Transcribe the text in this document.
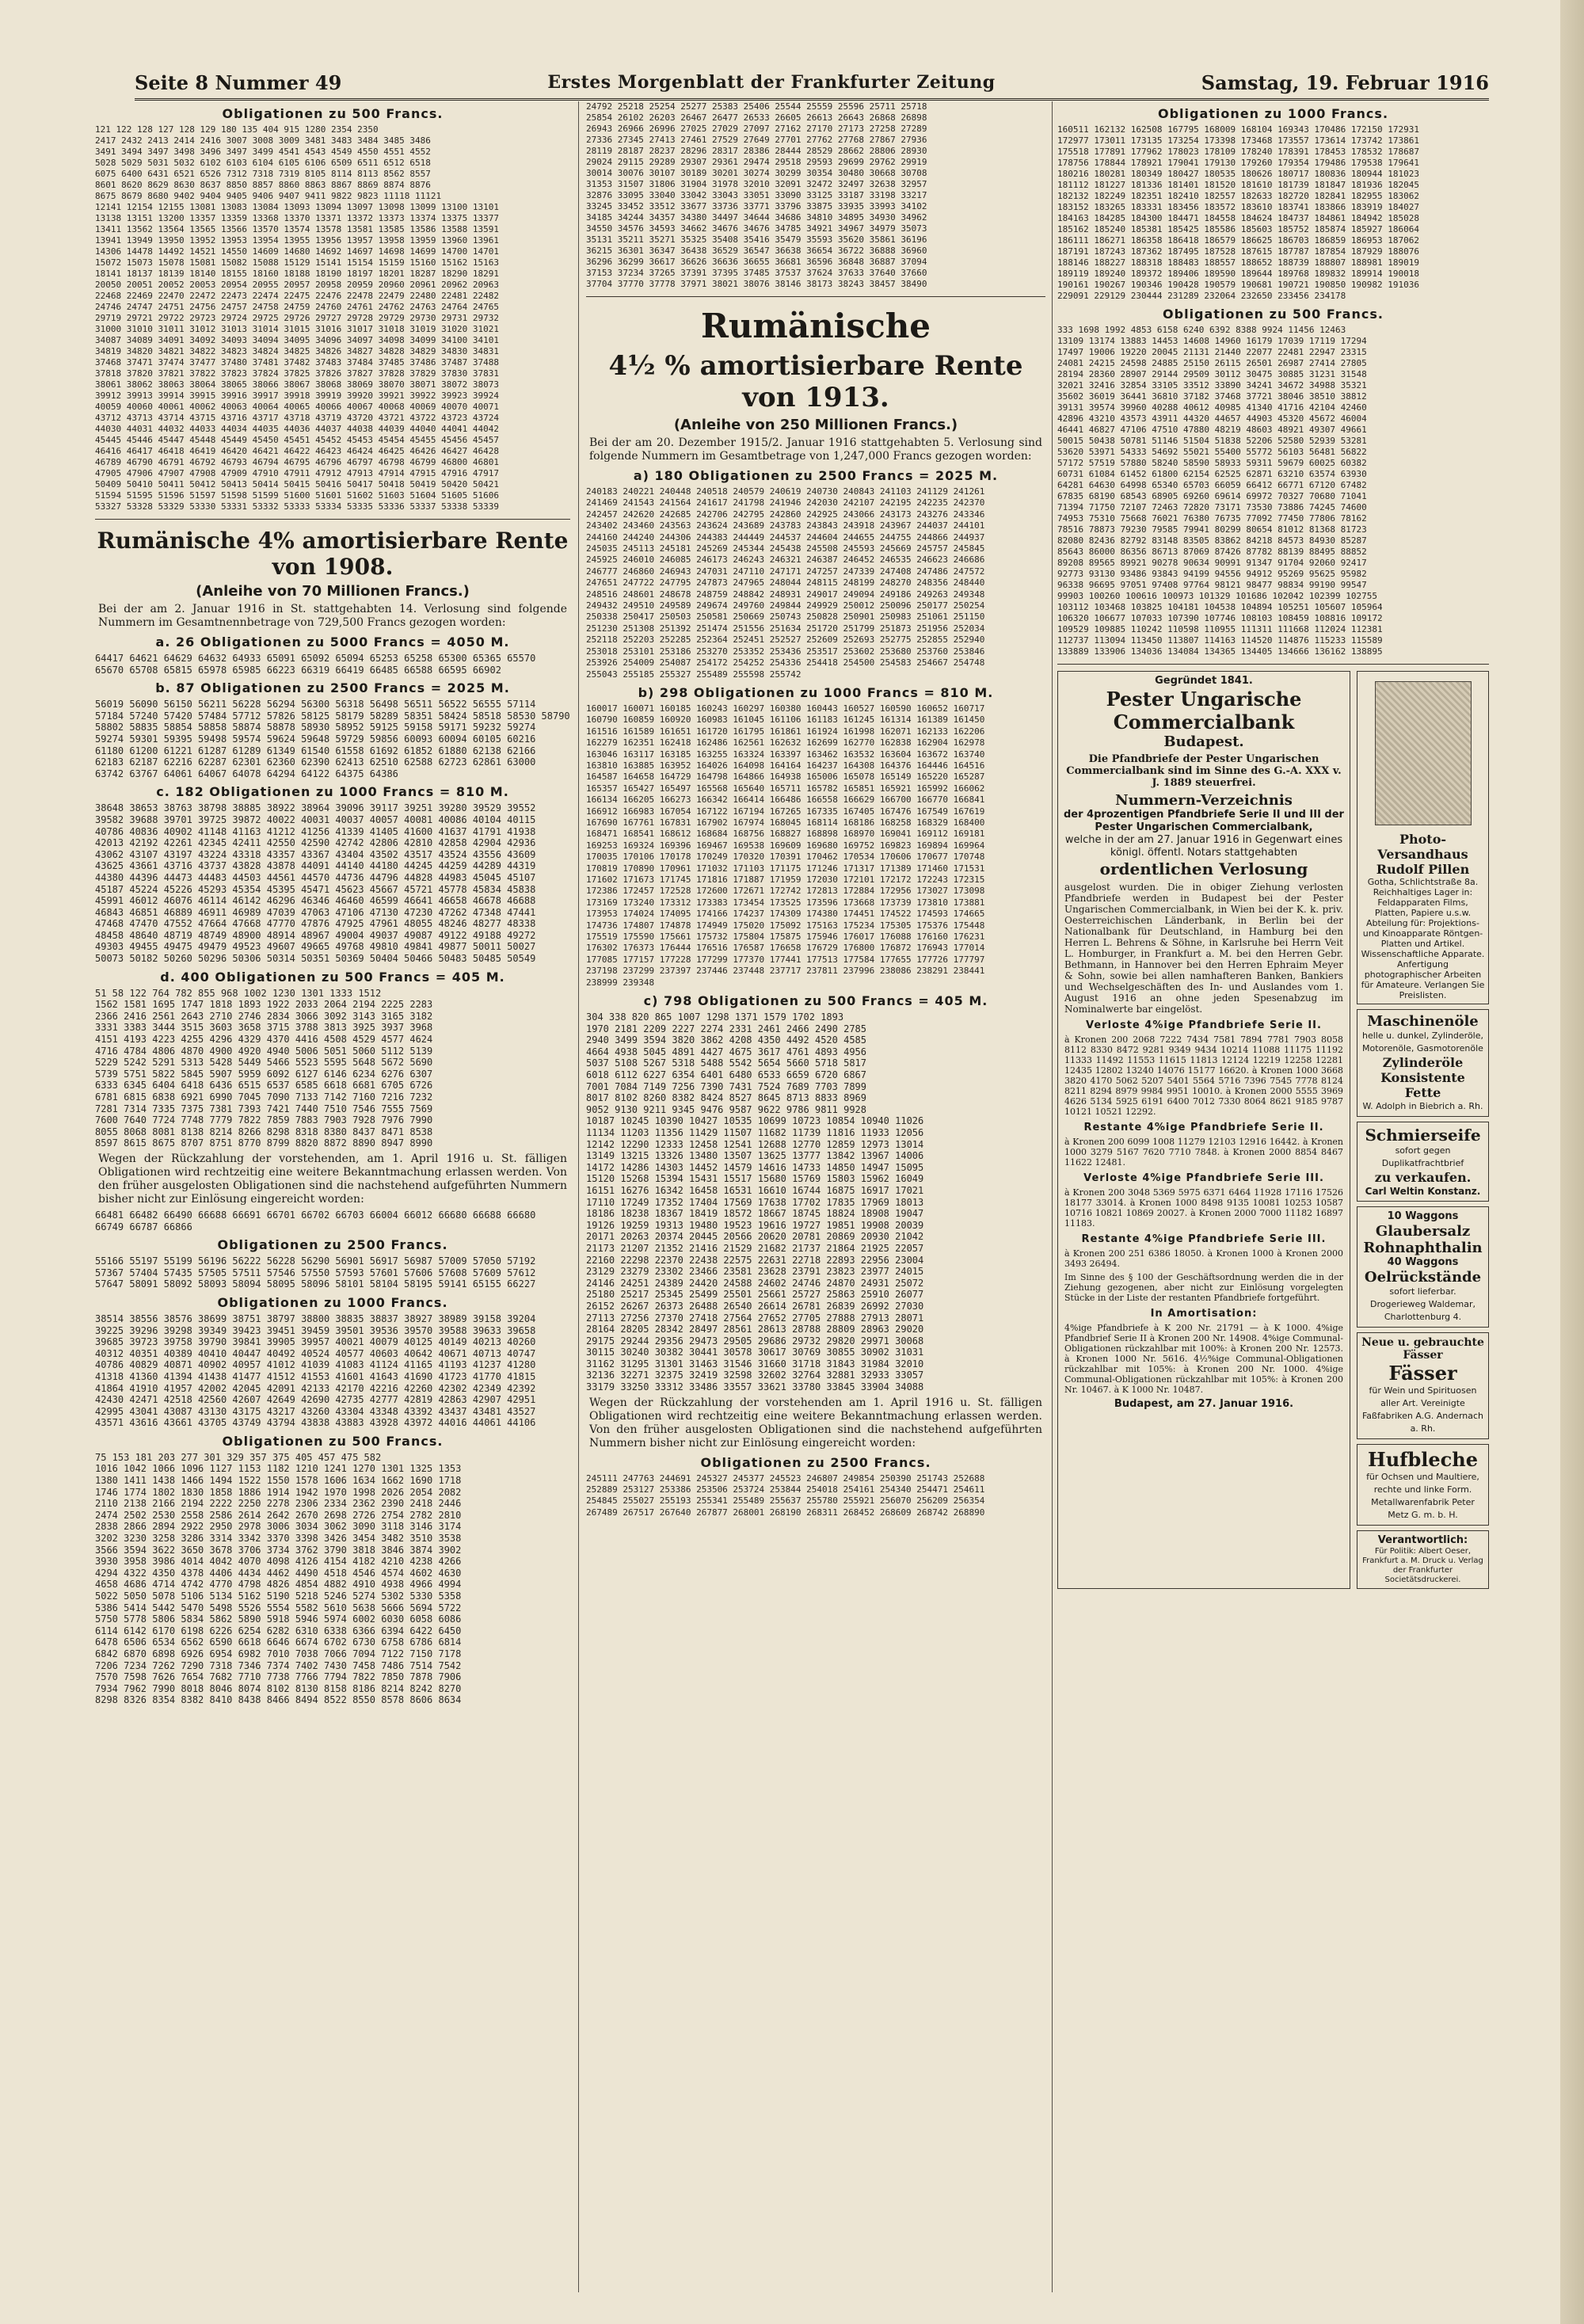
Seite 8 Nummer 49	Erstes Morgenblatt der Frankfurter Zeitung	Samstag, 19. Februar 1916
Obligationen zu 500 Francs.
121 122 128 127 128 129 180 135 404 915 1280 2354 2350
2417 2432 2413 2414 2416 3007 3008 3009 3481 3483 3484 3485 3486
3491 3494 3497 3498 3496 3497 3499 4541 4543 4549 4550 4551 4552
5028 5029 5031 5032 6102 6103 6104 6105 6106 6509 6511 6512 6518
6075 6400 6431 6521 6526 7312 7318 7319 8105 8114 8113 8562 8557
8601 8620 8629 8630 8637 8850 8857 8860 8863 8867 8869 8874 8876
8675 8679 8680 9402 9404 9405 9406 9407 9411 9822 9823 11118 11121
12141 12154 12155 13081 13083 13084 13093 13094 13097 13098 13099 13100 13101
13138 13151 13200 13357 13359 13368 13370 13371 13372 13373 13374 13375 13377
13411 13562 13564 13565 13566 13570 13574 13578 13581 13585 13586 13588 13591
13941 13949 13950 13952 13953 13954 13955 13956 13957 13958 13959 13960 13961
14306 14478 14492 14521 14550 14609 14680 14692 14697 14698 14699 14700 14701
15072 15073 15078 15081 15082 15088 15129 15141 15154 15159 15160 15162 15163
18141 18137 18139 18140 18155 18160 18188 18190 18197 18201 18287 18290 18291
20050 20051 20052 20053 20954 20955 20957 20958 20959 20960 20961 20962 20963
22468 22469 22470 22472 22473 22474 22475 22476 22478 22479 22480 22481 22482
24746 24747 24751 24756 24757 24758 24759 24760 24761 24762 24763 24764 24765
29719 29721 29722 29723 29724 29725 29726 29727 29728 29729 29730 29731 29732
31000 31010 31011 31012 31013 31014 31015 31016 31017 31018 31019 31020 31021
34087 34089 34091 34092 34093 34094 34095 34096 34097 34098 34099 34100 34101
34819 34820 34821 34822 34823 34824 34825 34826 34827 34828 34829 34830 34831
37468 37471 37474 37477 37480 37481 37482 37483 37484 37485 37486 37487 37488
37818 37820 37821 37822 37823 37824 37825 37826 37827 37828 37829 37830 37831
38061 38062 38063 38064 38065 38066 38067 38068 38069 38070 38071 38072 38073
39912 39913 39914 39915 39916 39917 39918 39919 39920 39921 39922 39923 39924
40059 40060 40061 40062 40063 40064 40065 40066 40067 40068 40069 40070 40071
43712 43713 43714 43715 43716 43717 43718 43719 43720 43721 43722 43723 43724
44030 44031 44032 44033 44034 44035 44036 44037 44038 44039 44040 44041 44042
45445 45446 45447 45448 45449 45450 45451 45452 45453 45454 45455 45456 45457
46416 46417 46418 46419 46420 46421 46422 46423 46424 46425 46426 46427 46428
46789 46790 46791 46792 46793 46794 46795 46796 46797 46798 46799 46800 46801
47905 47906 47907 47908 47909 47910 47911 47912 47913 47914 47915 47916 47917
50409 50410 50411 50412 50413 50414 50415 50416 50417 50418 50419 50420 50421
51594 51595 51596 51597 51598 51599 51600 51601 51602 51603 51604 51605 51606
53327 53328 53329 53330 53331 53332 53333 53334 53335 53336 53337 53338 53339
Rumänische 4% amortisierbare Rente von 1908.
(Anleihe von 70 Millionen Francs.)
Bei der am 2. Januar 1916 in St. stattgehabten 14. Verlosung sind folgende Nummern im Gesamtnennbetrage von 729,500 Francs gezogen worden:
a. 26 Obligationen zu 5000 Francs = 4050 M.
64417 64621 64629 64632 64933 65091 65092 65094 65253 65258 65300 65365 65570
65670 65708 65815 65978 65985 66223 66319 66419 66485 66588 66595 66902
b. 87 Obligationen zu 2500 Francs = 2025 M.
56019 56090 56150 56211 56228 56294 56300 56318 56498 56511 56522 56555 57114
57184 57240 57420 57484 57712 57826 58125 58179 58289 58351 58424 58518 58530 58790
58802 58835 58854 58858 58874 58878 58930 58952 59125 59158 59171 59232 59274
59274 59301 59395 59498 59574 59624 59648 59729 59856 60093 60094 60105 60216
61180 61200 61221 61287 61289 61349 61540 61558 61692 61852 61880 62138 62166
62183 62187 62216 62287 62301 62360 62390 62413 62510 62588 62723 62861 63000
63742 63767 64061 64067 64078 64294 64122 64375 64386
c. 182 Obligationen zu 1000 Francs = 810 M.
38648 38653 38763 38798 38885 38922 38964 39096 39117 39251 39280 39529 39552
39582 39688 39701 39725 39872 40022 40031 40037 40057 40081 40086 40104 40115
40786 40836 40902 41148 41163 41212 41256 41339 41405 41600 41637 41791 41938
42013 42192 42261 42345 42411 42550 42590 42742 42806 42810 42858 42904 42936
43062 43107 43197 43224 43318 43357 43367 43404 43502 43517 43524 43556 43609
43625 43661 43716 43737 43828 43878 44091 44140 44180 44245 44259 44289 44319
44380 44396 44473 44483 44503 44561 44570 44736 44796 44828 44983 45045 45107
45187 45224 45226 45293 45354 45395 45471 45623 45667 45721 45778 45834 45838
45991 46012 46076 46114 46142 46296 46346 46460 46599 46641 46658 46678 46688
46843 46851 46889 46911 46989 47039 47063 47106 47130 47230 47262 47348 47441
47468 47470 47552 47664 47668 47770 47876 47925 47961 48055 48246 48277 48338
48458 48640 48719 48749 48900 48914 48967 49004 49037 49087 49122 49188 49272
49303 49455 49475 49479 49523 49607 49665 49768 49810 49841 49877 50011 50027
50073 50182 50260 50296 50306 50314 50351 50369 50404 50466 50483 50485 50549
d. 400 Obligationen zu 500 Francs = 405 M.
51 58 122 764 782 855 968 1002 1230 1301 1333 1512
1562 1581 1695 1747 1818 1893 1922 2033 2064 2194 2225 2283
2366 2416 2561 2643 2710 2746 2834 3066 3092 3143 3165 3182
3331 3383 3444 3515 3603 3658 3715 3788 3813 3925 3937 3968
4151 4193 4223 4255 4296 4329 4370 4416 4508 4529 4577 4624
4716 4784 4806 4870 4900 4920 4940 5006 5051 5060 5112 5139
5229 5242 5291 5313 5428 5449 5466 5523 5595 5648 5672 5690
5739 5751 5822 5845 5907 5959 6092 6127 6146 6234 6276 6307
6333 6345 6404 6418 6436 6515 6537 6585 6618 6681 6705 6726
6781 6815 6838 6921 6990 7045 7090 7133 7142 7160 7216 7232
7281 7314 7335 7375 7381 7393 7421 7440 7510 7546 7555 7569
7600 7640 7724 7748 7779 7822 7859 7883 7903 7928 7976 7990
8055 8068 8081 8138 8214 8266 8298 8318 8380 8437 8471 8538
8597 8615 8675 8707 8751 8770 8799 8820 8872 8890 8947 8990
Wegen der Rückzahlung der vorstehenden, am 1. April 1916 u. St. fälligen Obligationen wird rechtzeitig eine weitere Bekanntmachung erlassen werden. Von den früher ausgelosten Obligationen sind die nachstehend aufgeführten Nummern bisher nicht zur Einlösung eingereicht worden:
66481 66482 66490 66688 66691 66701 66702 66703 66004 66012 66680 66688 66680
66749 66787 66866
Obligationen zu 2500 Francs.
55166 55197 55199 56196 56222 56228 56290 56901 56917 56987 57009 57050 57192
57367 57404 57435 57505 57511 57546 57550 57593 57601 57606 57608 57609 57612
57647 58091 58092 58093 58094 58095 58096 58101 58104 58195 59141 65155 66227
Obligationen zu 1000 Francs.
38514 38556 38576 38699 38751 38797 38800 38835 38837 38927 38989 39158 39204
39225 39296 39298 39349 39423 39451 39459 39501 39536 39570 39588 39633 39658
39685 39723 39758 39790 39841 39905 39957 40021 40079 40125 40149 40213 40260
40312 40351 40389 40410 40447 40492 40524 40577 40603 40642 40671 40713 40747
40786 40829 40871 40902 40957 41012 41039 41083 41124 41165 41193 41237 41280
41318 41360 41394 41438 41477 41512 41553 41601 41643 41690 41723 41770 41815
41864 41910 41957 42002 42045 42091 42133 42170 42216 42260 42302 42349 42392
42430 42471 42518 42560 42607 42649 42690 42735 42777 42819 42863 42907 42951
42995 43041 43087 43130 43175 43217 43260 43304 43348 43392 43437 43481 43527
43571 43616 43661 43705 43749 43794 43838 43883 43928 43972 44016 44061 44106
Obligationen zu 500 Francs.
75 153 181 203 277 301 329 357 375 405 457 475 582
1016 1042 1066 1096 1127 1153 1182 1210 1241 1270 1301 1325 1353
1380 1411 1438 1466 1494 1522 1550 1578 1606 1634 1662 1690 1718
1746 1774 1802 1830 1858 1886 1914 1942 1970 1998 2026 2054 2082
2110 2138 2166 2194 2222 2250 2278 2306 2334 2362 2390 2418 2446
2474 2502 2530 2558 2586 2614 2642 2670 2698 2726 2754 2782 2810
2838 2866 2894 2922 2950 2978 3006 3034 3062 3090 3118 3146 3174
3202 3230 3258 3286 3314 3342 3370 3398 3426 3454 3482 3510 3538
3566 3594 3622 3650 3678 3706 3734 3762 3790 3818 3846 3874 3902
3930 3958 3986 4014 4042 4070 4098 4126 4154 4182 4210 4238 4266
4294 4322 4350 4378 4406 4434 4462 4490 4518 4546 4574 4602 4630
4658 4686 4714 4742 4770 4798 4826 4854 4882 4910 4938 4966 4994
5022 5050 5078 5106 5134 5162 5190 5218 5246 5274 5302 5330 5358
5386 5414 5442 5470 5498 5526 5554 5582 5610 5638 5666 5694 5722
5750 5778 5806 5834 5862 5890 5918 5946 5974 6002 6030 6058 6086
6114 6142 6170 6198 6226 6254 6282 6310 6338 6366 6394 6422 6450
6478 6506 6534 6562 6590 6618 6646 6674 6702 6730 6758 6786 6814
6842 6870 6898 6926 6954 6982 7010 7038 7066 7094 7122 7150 7178
7206 7234 7262 7290 7318 7346 7374 7402 7430 7458 7486 7514 7542
7570 7598 7626 7654 7682 7710 7738 7766 7794 7822 7850 7878 7906
7934 7962 7990 8018 8046 8074 8102 8130 8158 8186 8214 8242 8270
8298 8326 8354 8382 8410 8438 8466 8494 8522 8550 8578 8606 8634
24792 25218 25254 25277 25383 25406 25544 25559 25596 25711 25718
25854 26102 26203 26467 26477 26533 26605 26613 26643 26868 26898
26943 26966 26996 27025 27029 27097 27162 27170 27173 27258 27289
27336 27345 27413 27461 27529 27649 27701 27762 27768 27867 27936
28119 28187 28237 28296 28317 28386 28444 28529 28662 28806 28930
29024 29115 29289 29307 29361 29474 29518 29593 29699 29762 29919
30014 30076 30107 30189 30201 30274 30299 30354 30480 30668 30708
31353 31507 31806 31904 31978 32010 32091 32472 32497 32638 32957
32876 33095 33040 33042 33043 33051 33090 33125 33187 33198 33217
33245 33452 33512 33677 33736 33771 33796 33875 33935 33993 34102
34185 34244 34357 34380 34497 34644 34686 34810 34895 34930 34962
34550 34576 34593 34662 34676 34676 34785 34921 34967 34979 35073
35131 35211 35271 35325 35408 35416 35479 35593 35620 35861 36196
36215 36301 36347 36438 36529 36547 36638 36654 36722 36888 36960
36296 36299 36617 36626 36636 36655 36681 36596 36848 36887 37094
37153 37234 37265 37391 37395 37485 37537 37624 37633 37640 37660
37704 37770 37778 37971 38021 38076 38146 38173 38243 38457 38490
Rumänische
4½ % amortisierbare Rente von 1913.
(Anleihe von 250 Millionen Francs.)
Bei der am 20. Dezember 1915/2. Januar 1916 stattgehabten 5. Verlosung sind folgende Nummern im Gesamtbetrage von 1,247,000 Francs gezogen worden:
a) 180 Obligationen zu 2500 Francs = 2025 M.
240183 240221 240448 240518 240579 240619 240730 240843 241103 241129 241261
241469 241543 241564 241617 241798 241946 242030 242107 242195 242235 242370
242457 242620 242685 242706 242795 242860 242925 243066 243173 243276 243346
243402 243460 243563 243624 243689 243783 243843 243918 243967 244037 244101
244160 244240 244306 244383 244449 244537 244604 244655 244755 244866 244937
245035 245113 245181 245269 245344 245438 245508 245593 245669 245757 245845
245925 246010 246085 246173 246243 246321 246387 246452 246535 246623 246686
246777 246860 246943 247031 247110 247171 247257 247339 247408 247486 247572
247651 247722 247795 247873 247965 248044 248115 248199 248270 248356 248440
248516 248601 248678 248759 248842 248931 249017 249094 249186 249263 249348
249432 249510 249589 249674 249760 249844 249929 250012 250096 250177 250254
250338 250417 250503 250581 250669 250743 250828 250901 250983 251061 251150
251230 251308 251392 251474 251556 251634 251720 251799 251873 251956 252034
252118 252203 252285 252364 252451 252527 252609 252693 252775 252855 252940
253018 253101 253186 253270 253352 253436 253517 253602 253680 253760 253846
253926 254009 254087 254172 254252 254336 254418 254500 254583 254667 254748
255043 255185 255327 255489 255598 255742
b) 298 Obligationen zu 1000 Francs = 810 M.
160017 160071 160185 160243 160297 160380 160443 160527 160590 160652 160717
160790 160859 160920 160983 161045 161106 161183 161245 161314 161389 161450
161516 161589 161651 161720 161795 161861 161924 161998 162071 162133 162206
162279 162351 162418 162486 162561 162632 162699 162770 162838 162904 162978
163046 163117 163185 163255 163324 163397 163462 163532 163604 163672 163740
163810 163885 163952 164026 164098 164164 164237 164308 164376 164446 164516
164587 164658 164729 164798 164866 164938 165006 165078 165149 165220 165287
165357 165427 165497 165568 165640 165711 165782 165851 165921 165992 166062
166134 166205 166273 166342 166414 166486 166558 166629 166700 166770 166841
166912 166983 167054 167122 167194 167265 167335 167405 167476 167549 167619
167690 167761 167831 167902 167974 168045 168114 168186 168258 168329 168400
168471 168541 168612 168684 168756 168827 168898 168970 169041 169112 169181
169253 169324 169396 169467 169538 169609 169680 169752 169823 169894 169964
170035 170106 170178 170249 170320 170391 170462 170534 170606 170677 170748
170819 170890 170961 171032 171103 171175 171246 171317 171389 171460 171531
171602 171673 171745 171816 171887 171959 172030 172101 172172 172243 172315
172386 172457 172528 172600 172671 172742 172813 172884 172956 173027 173098
173169 173240 173312 173383 173454 173525 173596 173668 173739 173810 173881
173953 174024 174095 174166 174237 174309 174380 174451 174522 174593 174665
174736 174807 174878 174949 175020 175092 175163 175234 175305 175376 175448
175519 175590 175661 175732 175804 175875 175946 176017 176088 176160 176231
176302 176373 176444 176516 176587 176658 176729 176800 176872 176943 177014
177085 177157 177228 177299 177370 177441 177513 177584 177655 177726 177797
237198 237299 237397 237446 237448 237717 237811 237996 238086 238291 238441
238999 239348
c) 798 Obligationen zu 500 Francs = 405 M.
304 338 820 865 1007 1298 1371 1579 1702 1893
1970 2181 2209 2227 2274 2331 2461 2466 2490 2785
2940 3499 3594 3820 3862 4208 4350 4492 4520 4585
4664 4938 5045 4891 4427 4675 3617 4761 4893 4956
5037 5108 5267 5318 5488 5542 5654 5660 5718 5817
6018 6112 6227 6354 6401 6480 6533 6659 6720 6867
7001 7084 7149 7256 7390 7431 7524 7689 7703 7899
8017 8102 8260 8382 8424 8527 8645 8713 8833 8969
9052 9130 9211 9345 9476 9587 9622 9786 9811 9928
10187 10245 10390 10427 10535 10699 10723 10854 10940 11026
11134 11203 11356 11429 11507 11682 11739 11816 11933 12056
12142 12290 12333 12458 12541 12688 12770 12859 12973 13014
13149 13215 13326 13480 13507 13625 13777 13842 13967 14006
14172 14286 14303 14452 14579 14616 14733 14850 14947 15095
15120 15268 15394 15431 15517 15680 15769 15803 15962 16049
16151 16276 16342 16458 16531 16610 16744 16875 16917 17021
17110 17249 17352 17404 17569 17638 17702 17835 17969 18013
18186 18238 18367 18419 18572 18667 18745 18824 18908 19047
19126 19259 19313 19480 19523 19616 19727 19851 19908 20039
20171 20263 20374 20445 20566 20620 20781 20869 20930 21042
21173 21207 21352 21416 21529 21682 21737 21864 21925 22057
22160 22298 22370 22438 22575 22631 22718 22893 22956 23004
23129 23279 23302 23466 23581 23628 23791 23823 23977 24015
24146 24251 24389 24420 24588 24602 24746 24870 24931 25072
25180 25217 25345 25499 25501 25661 25727 25863 25910 26077
26152 26267 26373 26488 26540 26614 26781 26839 26992 27030
27113 27256 27370 27418 27564 27652 27705 27888 27913 28071
28164 28205 28342 28497 28561 28613 28788 28809 28963 29020
29175 29244 29356 29473 29505 29686 29732 29820 29971 30068
30115 30240 30382 30441 30578 30617 30769 30855 30902 31031
31162 31295 31301 31463 31546 31660 31718 31843 31984 32010
32136 32271 32375 32419 32598 32602 32764 32881 32933 33057
33179 33250 33312 33486 33557 33621 33780 33845 33904 34088
Wegen der Rückzahlung der vorstehenden am 1. April 1916 u. St. fälligen Obligationen wird rechtzeitig eine weitere Bekanntmachung erlassen werden. Von den früher ausgelosten Obligationen sind die nachstehend aufgeführten Nummern bisher nicht zur Einlösung eingereicht worden:
Obligationen zu 2500 Francs.
245111 247763 244691 245327 245377 245523 246807 249854 250390 251743 252688
252889 253127 253386 253506 253724 253844 254018 254161 254340 254471 254611
254845 255027 255193 255341 255489 255637 255780 255921 256070 256209 256354
267489 267517 267640 267877 268001 268190 268311 268452 268609 268742 268890
Obligationen zu 1000 Francs.
160511 162132 162508 167795 168009 168104 169343 170486 172150 172931
172977 173011 173135 173254 173398 173468 173557 173614 173742 173861
175518 177891 177962 178023 178109 178240 178391 178453 178532 178687
178756 178844 178921 179041 179130 179260 179354 179486 179538 179641
180216 180281 180349 180427 180535 180626 180717 180836 180944 181023
181112 181227 181336 181401 181520 181610 181739 181847 181936 182045
182132 182249 182351 182410 182557 182633 182720 182841 182955 183062
183152 183265 183331 183456 183572 183610 183741 183866 183919 184027
184163 184285 184300 184471 184558 184624 184737 184861 184942 185028
185162 185240 185381 185425 185586 185603 185752 185874 185927 186064
186111 186271 186358 186418 186579 186625 186703 186859 186953 187062
187191 187243 187362 187495 187528 187615 187787 187854 187929 188076
188146 188227 188318 188483 188557 188652 188739 188807 188981 189019
189119 189240 189372 189406 189590 189644 189768 189832 189914 190018
190161 190267 190346 190428 190579 190681 190721 190850 190982 191036
229091 229129 230444 231289 232064 232650 233456 234178
Obligationen zu 500 Francs.
333 1698 1992 4853 6158 6240 6392 8388 9924 11456 12463
13109 13174 13883 14453 14608 14960 16179 17039 17119 17294
17497 19006 19220 20045 21131 21440 22077 22481 22947 23315
24081 24215 24598 24885 25150 26115 26501 26987 27414 27805
28194 28360 28907 29144 29509 30112 30475 30885 31231 31548
32021 32416 32854 33105 33512 33890 34241 34672 34988 35321
35602 36019 36441 36810 37182 37468 37721 38046 38510 38812
39131 39574 39960 40288 40612 40985 41340 41716 42104 42460
42896 43210 43573 43911 44320 44657 44903 45320 45672 46004
46441 46827 47106 47510 47880 48219 48603 48921 49307 49661
50015 50438 50781 51146 51504 51838 52206 52580 52939 53281
53620 53971 54333 54692 55021 55400 55772 56103 56481 56822
57172 57519 57880 58240 58590 58933 59311 59679 60025 60382
60731 61084 61452 61800 62154 62525 62871 63210 63574 63930
64281 64630 64998 65340 65703 66059 66412 66771 67120 67482
67835 68190 68543 68905 69260 69614 69972 70327 70680 71041
71394 71750 72107 72463 72820 73171 73530 73886 74245 74600
74953 75310 75668 76021 76380 76735 77092 77450 77806 78162
78516 78873 79230 79585 79941 80299 80654 81012 81368 81723
82080 82436 82792 83148 83505 83862 84218 84573 84930 85287
85643 86000 86356 86713 87069 87426 87782 88139 88495 88852
89208 89565 89921 90278 90634 90991 91347 91704 92060 92417
92773 93130 93486 93843 94199 94556 94912 95269 95625 95982
96338 96695 97051 97408 97764 98121 98477 98834 99190 99547
99903 100260 100616 100973 101329 101686 102042 102399 102755
103112 103468 103825 104181 104538 104894 105251 105607 105964
106320 106677 107033 107390 107746 108103 108459 108816 109172
109529 109885 110242 110598 110955 111311 111668 112024 112381
112737 113094 113450 113807 114163 114520 114876 115233 115589
133889 133906 134036 134084 134365 134405 134666 136162 138895
Gegründet 1841.
Pester Ungarische Commercialbank
Budapest.
Die Pfandbriefe der Pester Ungarischen Commercialbank sind im Sinne des G.-A. XXX v. J. 1889 steuerfrei.
Nummern-Verzeichnis
der 4prozentigen Pfandbriefe Serie II und III der Pester Ungarischen Commercialbank,
welche in der am 27. Januar 1916 in Gegenwart eines königl. öffentl. Notars stattgehabten
ordentlichen Verlosung
ausgelost wurden. Die in obiger Ziehung verlosten Pfandbriefe werden in Budapest bei der Pester Ungarischen Commercialbank, in Wien bei der K. k. priv. Oesterreichischen Länderbank, in Berlin bei der Nationalbank für Deutschland, in Hamburg bei den Herren L. Behrens & Söhne, in Karlsruhe bei Herrn Veit L. Homburger, in Frankfurt a. M. bei den Herren Gebr. Bethmann, in Hannover bei den Herren Ephraim Meyer & Sohn, sowie bei allen namhafteren Banken, Bankiers und Wechselgeschäften des In- und Auslandes vom 1. August 1916 an ohne jeden Spesenabzug im Nominalwerte bar eingelöst.
Verloste 4%ige Pfandbriefe Serie II.
à Kronen 200 2068 7222 7434 7581 7894 7781 7903 8058 8112 8330 8472 9281 9349 9434 10214 11088 11175 11192 11333 11492 11553 11615 11813 12124 12219 12258 12281 12435 12802 13240 14076 15177 16620. à Kronen 1000 3668 3820 4170 5062 5207 5401 5564 5716 7396 7545 7778 8124 8211 8294 8979 9984 9951 10010. à Kronen 2000 5555 3969 4626 5134 5925 6191 6400 7012 7330 8064 8621 9185 9787 10121 10521 12292.
Restante 4%ige Pfandbriefe Serie II.
à Kronen 200 6099 1008 11279 12103 12916 16442. à Kronen 1000 3279 5167 7620 7710 7848. à Kronen 2000 8854 8467 11622 12481.
Verloste 4%ige Pfandbriefe Serie III.
à Kronen 200 3048 5369 5975 6371 6464 11928 17116 17526 18177 33014. à Kronen 1000 8498 9135 10081 10253 10587 10716 10821 10869 20027. à Kronen 2000 7000 11182 16897 11183.
Restante 4%ige Pfandbriefe Serie III.
à Kronen 200 251 6386 18050. à Kronen 1000 à Kronen 2000 3493 26494.
Im Sinne des § 100 der Geschäftsordnung werden die in der Ziehung gezogenen, aber nicht zur Einlösung vorgelegten Stücke in der Liste der restanten Pfandbriefe fortgeführt.
In Amortisation:
4%ige Pfandbriefe à K 200 Nr. 21791 — à K 1000. 4%ige Pfandbrief Serie II à Kronen 200 Nr. 14908. 4%ige Communal-Obligationen rückzahlbar mit 100%: à Kronen 200 Nr. 12573. à Kronen 1000 Nr. 5616. 4½%ige Communal-Obligationen rückzahlbar mit 105%: à Kronen 200 Nr. 1000. 4%ige Communal-Obligationen rückzahlbar mit 105%: à Kronen 200 Nr. 10467. à K 1000 Nr. 10487.
Budapest, am 27. Januar 1916.
Photo-Versandhaus Rudolf Pillen
Gotha, Schlichtstraße 8a. Reichhaltiges Lager in: Feldapparaten Films, Platten, Papiere u.s.w. Abteilung für: Projektions- und Kinoapparate Röntgen-Platten und Artikel. Wissenschaftliche Apparate. Anfertigung photographischer Arbeiten für Amateure. Verlangen Sie Preislisten.
Maschinenöle
helle u. dunkel, Zylinderöle, Motorenöle, Gasmotorenöle
Zylinderöle
Konsistente Fette
W. Adolph in Biebrich a. Rh.
Schmierseife
sofort gegen Duplikatfrachtbrief
zu verkaufen.
Carl Weltin Konstanz.
10 Waggons
Glaubersalz
Rohnaphthalin
40 Waggons
Oelrückstände
sofort lieferbar. Drogerieweg Waldemar, Charlottenburg 4.
Neue u. gebrauchte Fässer
Fässer
für Wein und Spirituosen aller Art. Vereinigte Faßfabriken A.G. Andernach a. Rh.
Hufbleche
für Ochsen und Maultiere, rechte und linke Form. Metallwarenfabrik Peter Metz G. m. b. H.
Verantwortlich:
Für Politik: Albert Oeser, Frankfurt a. M. Druck u. Verlag der Frankfurter Societätsdruckerei.
